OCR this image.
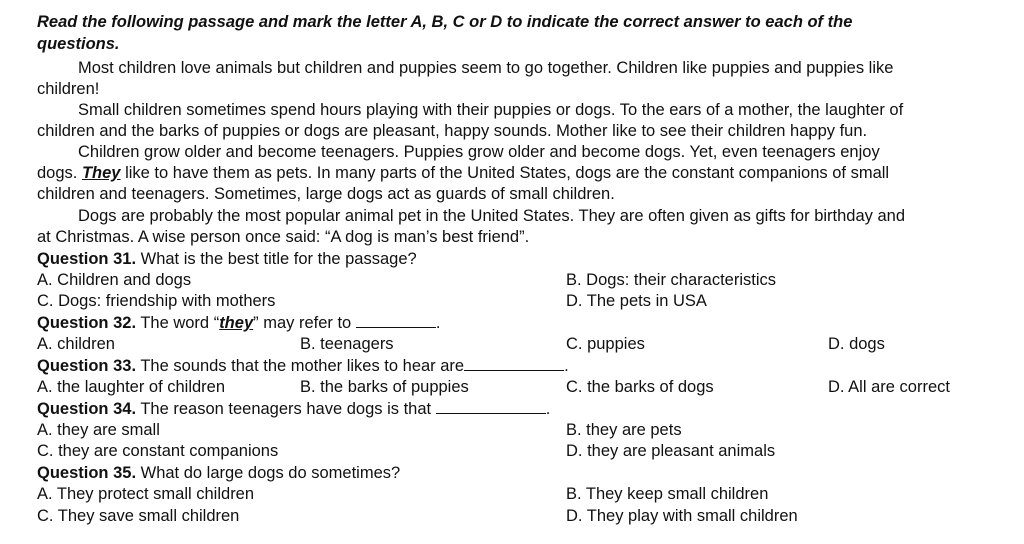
Read the following passage and mark the letter A, B, C or D to indicate the correct answer to each of the
questions.
Most children love animals but children and puppies seem to go together. Children like puppies and puppies like
children!
Small children sometimes spend hours playing with their puppies or dogs. To the ears of a mother, the laughter of
children and the barks of puppies or dogs are pleasant, happy sounds. Mother like to see their children happy fun.
Children grow older and become teenagers. Puppies grow older and become dogs. Yet, even teenagers enjoy
dogs. They like to have them as pets. In many parts of the United States, dogs are the constant companions of small
children and teenagers. Sometimes, large dogs act as guards of small children.
Dogs are probably the most popular animal pet in the United States. They are often given as gifts for birthday and
at Christmas. A wise person once said: “A dog is man’s best friend”.
Question 31. What is the best title for the passage?
A. Children and dogs	B. Dogs: their characteristics
C. Dogs: friendship with mothers	D. The pets in USA
Question 32. The word “they” may refer to	.
A. children	B. teenagers	C. puppies	D. dogs
Question 33. The sounds that the mother likes to hear are	.
A. the laughter of children	B. the barks of puppies	C. the barks of dogs	D. All are correct
Question 34. The reason teenagers have dogs is that	.
A. they are small	B. they are pets
C. they are constant companions	D. they are pleasant animals
Question 35. What do large dogs do sometimes?
A. They protect small children	B. They keep small children
C. They save small children	D. They play with small children
